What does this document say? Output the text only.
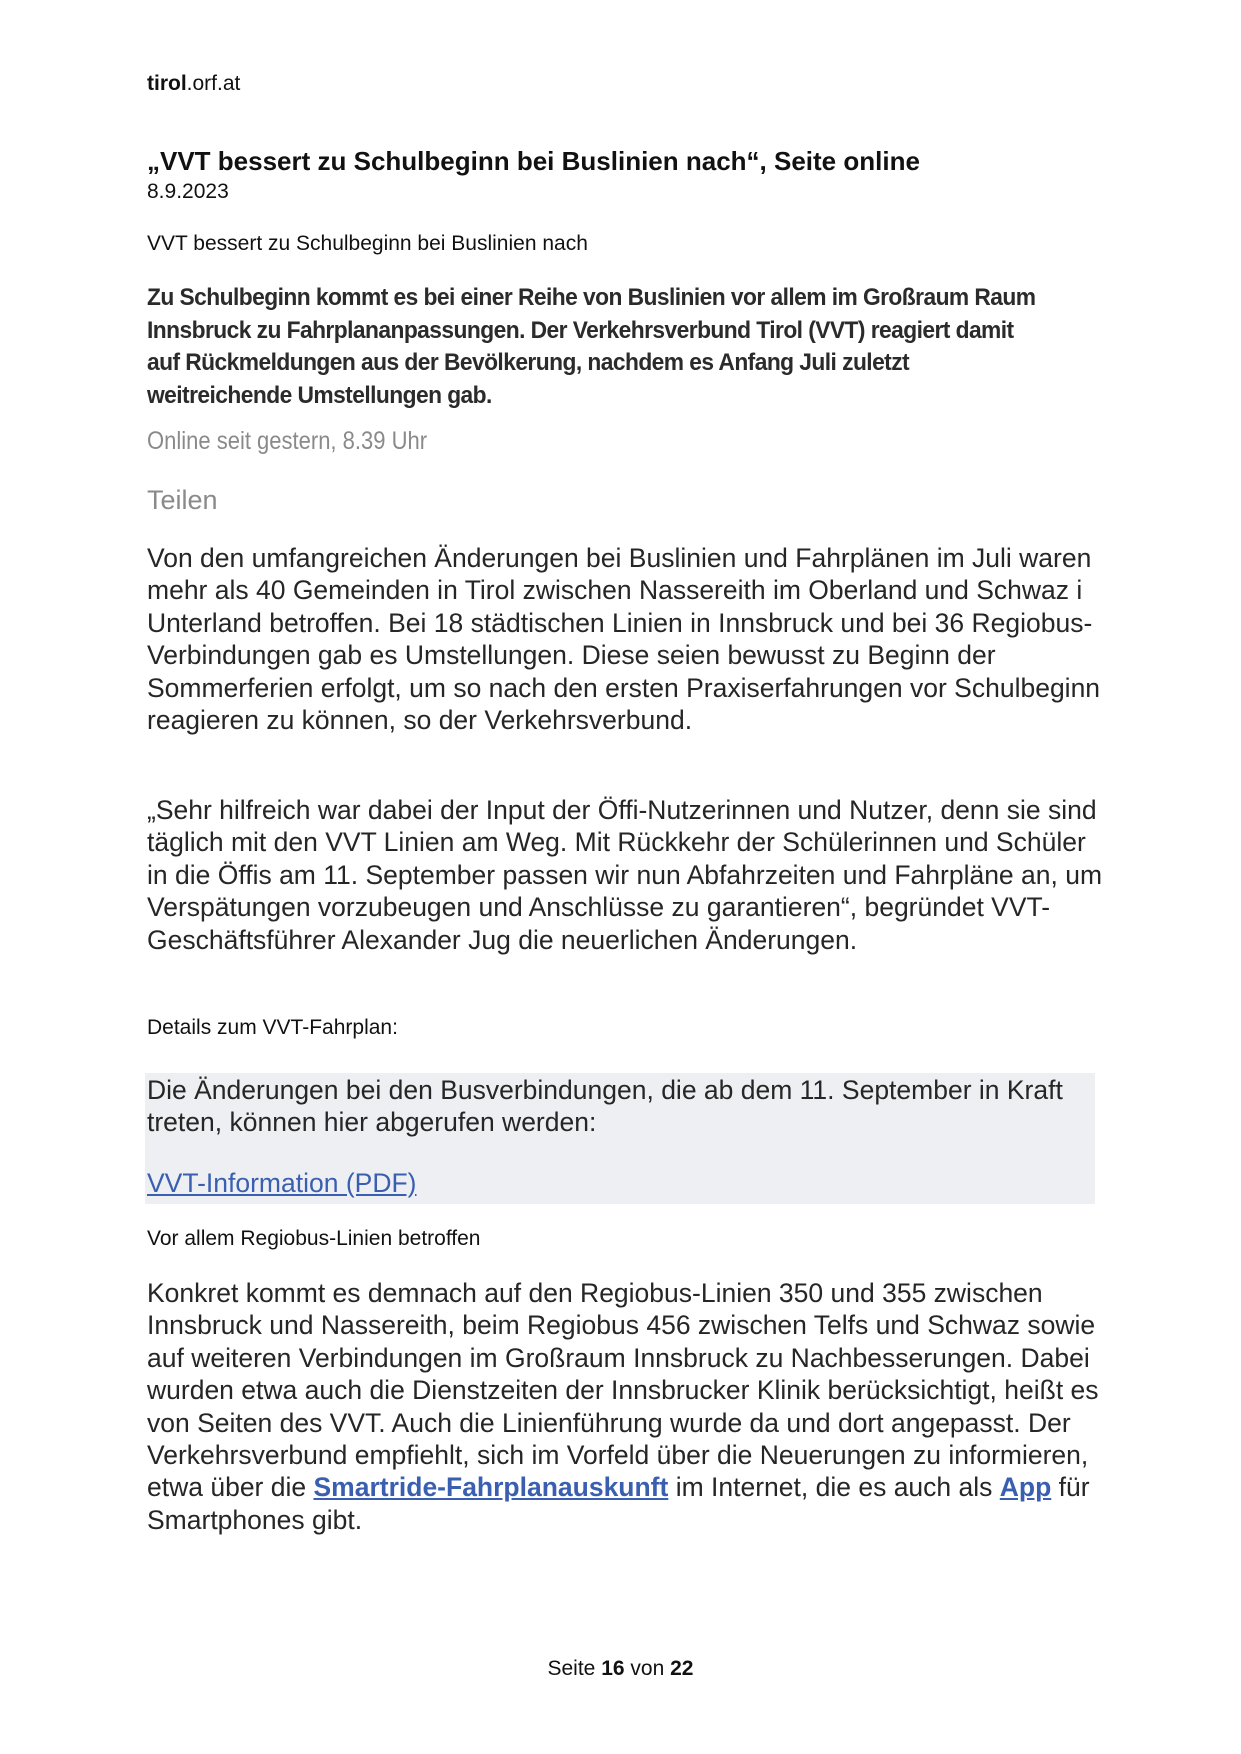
tirol.orf.at
„VVT bessert zu Schulbeginn bei Buslinien nach“, Seite online
8.9.2023
VVT bessert zu Schulbeginn bei Buslinien nach
Zu Schulbeginn kommt es bei einer Reihe von Buslinien vor allem im Großraum Raum Innsbruck zu Fahrplananpassungen. Der Verkehrsverbund Tirol (VVT) reagiert damit auf Rückmeldungen aus der Bevölkerung, nachdem es Anfang Juli zuletzt weitreichende Umstellungen gab.
Online seit gestern, 8.39 Uhr
Teilen
Von den umfangreichen Änderungen bei Buslinien und Fahrplänen im Juli waren mehr als 40 Gemeinden in Tirol zwischen Nassereith im Oberland und Schwaz i Unterland betroffen. Bei 18 städtischen Linien in Innsbruck und bei 36 Regiobus-Verbindungen gab es Umstellungen. Diese seien bewusst zu Beginn der Sommerferien erfolgt, um so nach den ersten Praxiserfahrungen vor Schulbeginn reagieren zu können, so der Verkehrsverbund.
„Sehr hilfreich war dabei der Input der Öffi-Nutzerinnen und Nutzer, denn sie sind täglich mit den VVT Linien am Weg. Mit Rückkehr der Schülerinnen und Schüler in die Öffis am 11. September passen wir nun Abfahrzeiten und Fahrpläne an, um Verspätungen vorzubeugen und Anschlüsse zu garantieren“, begründet VVT-Geschäftsführer Alexander Jug die neuerlichen Änderungen.
Details zum VVT-Fahrplan:
Die Änderungen bei den Busverbindungen, die ab dem 11. September in Kraft treten, können hier abgerufen werden:
VVT-Information (PDF)
Vor allem Regiobus-Linien betroffen
Konkret kommt es demnach auf den Regiobus-Linien 350 und 355 zwischen Innsbruck und Nassereith, beim Regiobus 456 zwischen Telfs und Schwaz sowie auf weiteren Verbindungen im Großraum Innsbruck zu Nachbesserungen. Dabei wurden etwa auch die Dienstzeiten der Innsbrucker Klinik berücksichtigt, heißt es von Seiten des VVT. Auch die Linienführung wurde da und dort angepasst. Der Verkehrsverbund empfiehlt, sich im Vorfeld über die Neuerungen zu informieren, etwa über die Smartride-Fahrplanauskunft im Internet, die es auch als App für Smartphones gibt.
Seite 16 von 22
